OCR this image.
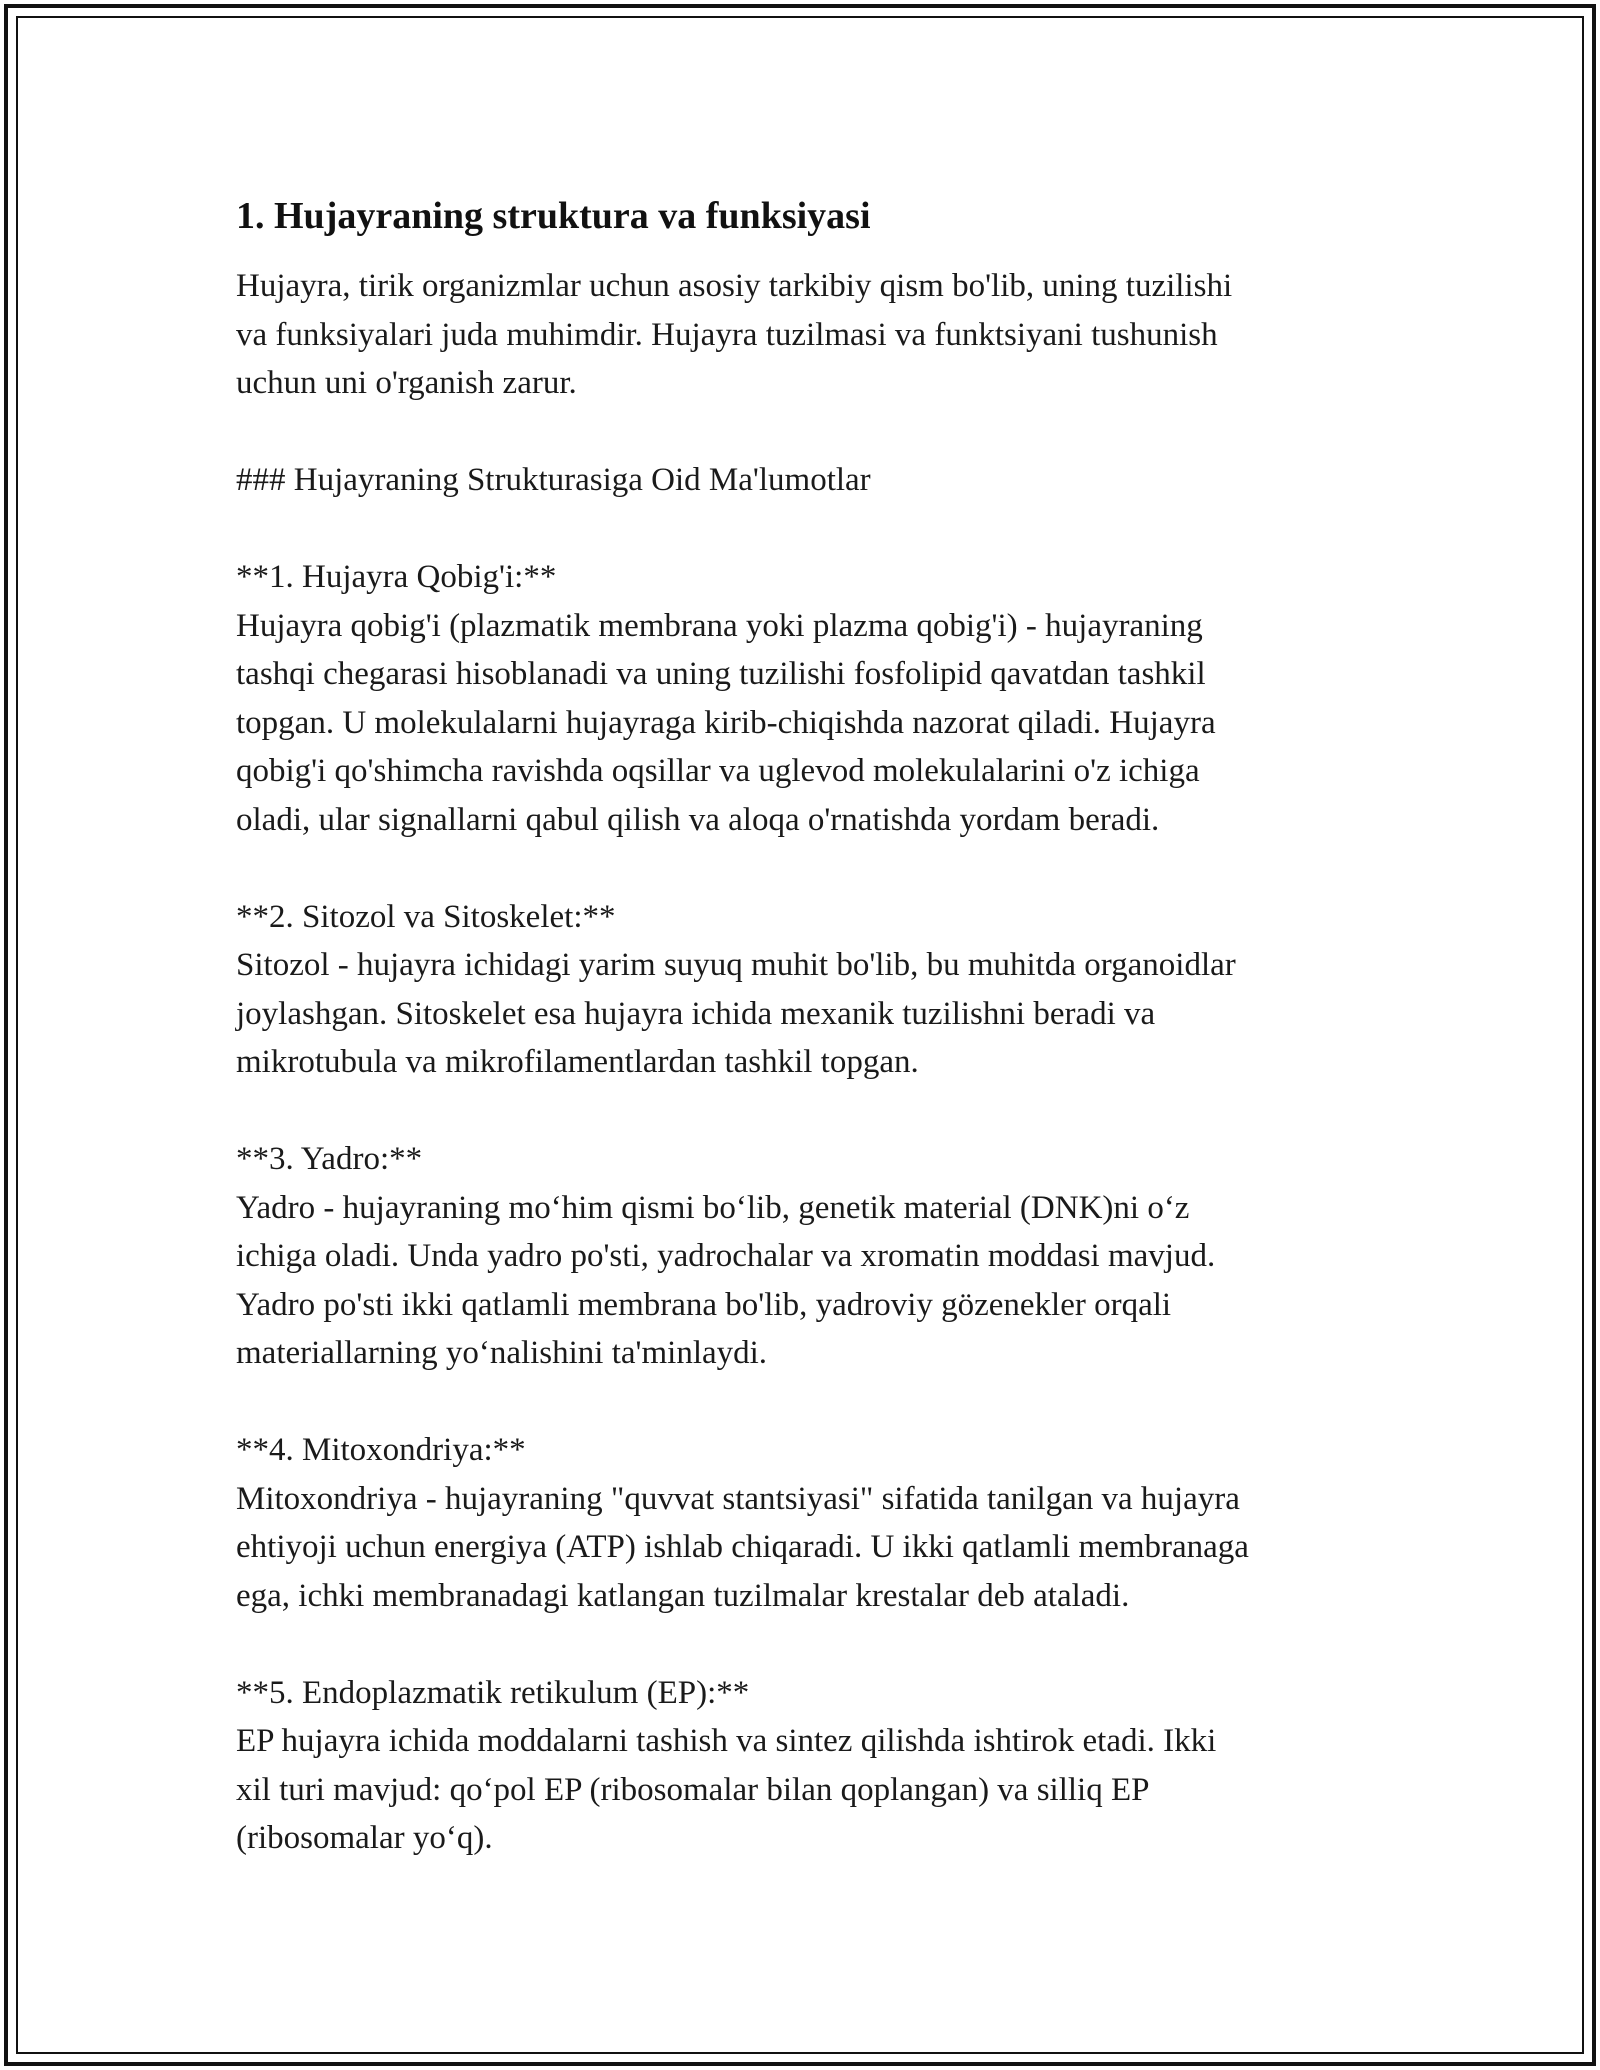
1. Hujayraning struktura va funksiyasi

Hujayra, tirik organizmlar uchun asosiy tarkibiy qism bo'lib, uning tuzilishi
va funksiyalari juda muhimdir. Hujayra tuzilmasi va funktsiyani tushunish
uchun uni o'rganish zarur.

### Hujayraning Strukturasiga Oid Ma'lumotlar

**1. Hujayra Qobig'i:**

Hujayra qobig'i (plazmatik membrana yoki plazma qobig'i) - hujayraning
tashqi chegarasi hisoblanadi va uning tuzilishi fosfolipid qavatdan tashkil
topgan. U molekulalarni hujayraga kirib-chiqishda nazorat qiladi. Hujayra
qobig'i qo'shimcha ravishda oqsillar va uglevod molekulalarini o'z ichiga
oladi, ular signallarni qabul qilish va aloqa o'rnatishda yordam beradi.

**2. Sitozol va Sitoskelet:**

Sitozol - hujayra ichidagi yarim suyuq muhit bo'lib, bu muhitda organoidlar
joylashgan. Sitoskelet esa hujayra ichida mexanik tuzilishni beradi va
mikrotubula va mikrofilamentlardan tashkil topgan.

**3. Yadro:**

Yadro - hujayraning mo‘him qismi bo‘lib, genetik material (DNK)ni o‘z
ichiga oladi. Unda yadro po'sti, yadrochalar va xromatin moddasi mavjud.
Yadro po'sti ikki qatlamli membrana bo'lib, yadroviy gözenekler orqali
materiallarning yo‘nalishini ta'minlaydi.

**4. Mitoxondriya:**

Mitoxondriya - hujayraning "quvvat stantsiyasi" sifatida tanilgan va hujayra
ehtiyoji uchun energiya (ATP) ishlab chiqaradi. U ikki qatlamli membranaga
ega, ichki membranadagi katlangan tuzilmalar krestalar deb ataladi.

**5. Endoplazmatik retikulum (EP):**

EP hujayra ichida moddalarni tashish va sintez qilishda ishtirok etadi. Ikki
xil turi mavjud: qo‘pol EP (ribosomalar bilan qoplangan) va silliq EP
(ribosomalar yo‘q).
